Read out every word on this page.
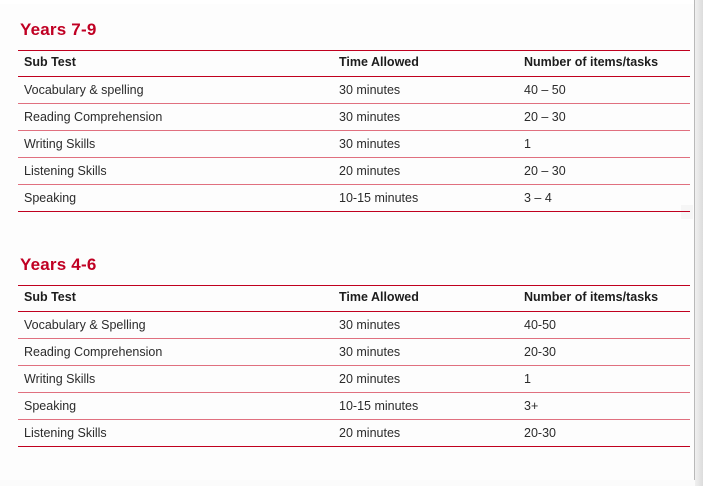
Years 7-9
Sub Test	Time Allowed	Number of items/tasks
Vocabulary & spelling	30 minutes	40 – 50
Reading Comprehension	30 minutes	20 – 30
Writing Skills	30 minutes	1
Listening Skills	20 minutes	20 – 30
Speaking	10-15 minutes	3 – 4
Years 4-6
Sub Test	Time Allowed	Number of items/tasks
Vocabulary & Spelling	30 minutes	40-50
Reading Comprehension	30 minutes	20-30
Writing Skills	20 minutes	1
Speaking	10-15 minutes	3+
Listening Skills	20 minutes	20-30
